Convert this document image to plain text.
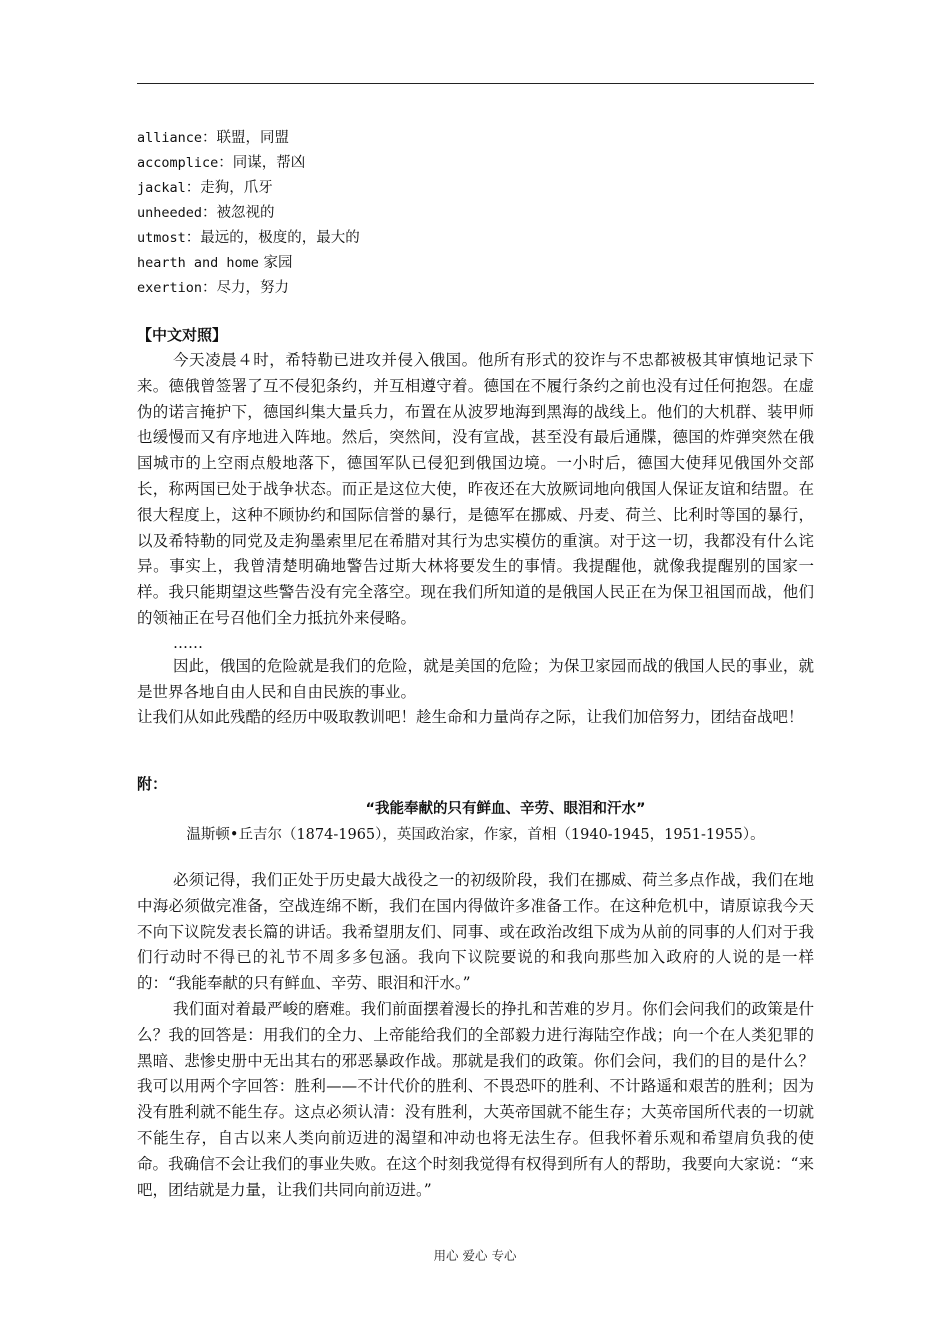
alliance：联盟，同盟
accomplice：同谋，帮凶
jackal：走狗，爪牙
unheeded：被忽视的
utmost：最远的，极度的，最大的
hearth and home 家园
exertion：尽力，努力
【中文对照】

今天凌晨４时，希特勒已进攻并侵入俄国。他所有形式的狡诈与不忠都被极其审慎地记录下来。德俄曾签署了互不侵犯条约，并互相遵守着。德国在不履行条约之前也没有过任何抱怨。在虚伪的诺言掩护下，德国纠集大量兵力，布置在从波罗地海到黑海的战线上。他们的大机群、装甲师也缓慢而又有序地进入阵地。然后，突然间，没有宣战，甚至没有最后通牒，德国的炸弹突然在俄国城市的上空雨点般地落下，德国军队已侵犯到俄国边境。一小时后，德国大使拜见俄国外交部长，称两国已处于战争状态。而正是这位大使，昨夜还在大放厥词地向俄国人保证友谊和结盟。在很大程度上，这种不顾协约和国际信誉的暴行，是德军在挪威、丹麦、荷兰、比利时等国的暴行，以及希特勒的同党及走狗墨索里尼在希腊对其行为忠实模仿的重演。对于这一切，我都没有什么诧异。事实上，我曾清楚明确地警告过斯大林将要发生的事情。我提醒他，就像我提醒别的国家一样。我只能期望这些警告没有完全落空。现在我们所知道的是俄国人民正在为保卫祖国而战，他们的领袖正在号召他们全力抵抗外来侵略。

……

因此，俄国的危险就是我们的危险，就是美国的危险；为保卫家园而战的俄国人民的事业，就是世界各地自由人民和自由民族的事业。

让我们从如此残酷的经历中吸取教训吧！趁生命和力量尚存之际，让我们加倍努力，团结奋战吧！

附：
“我能奉献的只有鲜血、辛劳、眼泪和汗水”
温斯顿•丘吉尔（1874-1965），英国政治家，作家，首相（1940-1945，1951-1955）。

必须记得，我们正处于历史最大战役之一的初级阶段，我们在挪威、荷兰多点作战，我们在地中海必须做完准备，空战连绵不断，我们在国内得做许多准备工作。在这种危机中，请原谅我今天不向下议院发表长篇的讲话。我希望朋友们、同事、或在政治改组下成为从前的同事的人们对于我们行动时不得已的礼节不周多多包涵。我向下议院要说的和我向那些加入政府的人说的是一样的：“我能奉献的只有鲜血、辛劳、眼泪和汗水。”

我们面对着最严峻的磨难。我们前面摆着漫长的挣扎和苦难的岁月。你们会问我们的政策是什么？我的回答是：用我们的全力、上帝能给我们的全部毅力进行海陆空作战；向一个在人类犯罪的黑暗、悲惨史册中无出其右的邪恶暴政作战。那就是我们的政策。你们会问，我们的目的是什么？我可以用两个字回答：胜利——不计代价的胜利、不畏恐吓的胜利、不计路遥和艰苦的胜利；因为没有胜利就不能生存。这点必须认清：没有胜利，大英帝国就不能生存；大英帝国所代表的一切就不能生存，自古以来人类向前迈进的渴望和冲动也将无法生存。但我怀着乐观和希望肩负我的使命。我确信不会让我们的事业失败。在这个时刻我觉得有权得到所有人的帮助，我要向大家说：“来吧，团结就是力量，让我们共同向前迈进。”

用心 爱心 专心
